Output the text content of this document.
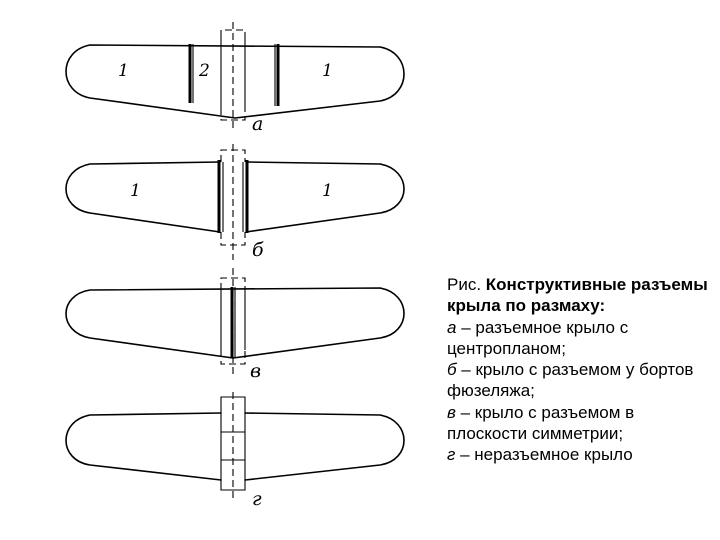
1	2	1
а
1	1
б
в
г

Рис. Конструктивные разъемы крыла по размаху:

а – разъемное крыло с центропланом;

б – крыло с разъемом у бортов фюзеляжа;

в – крыло с разъемом в плоскости симметрии;

г – неразъемное крыло
